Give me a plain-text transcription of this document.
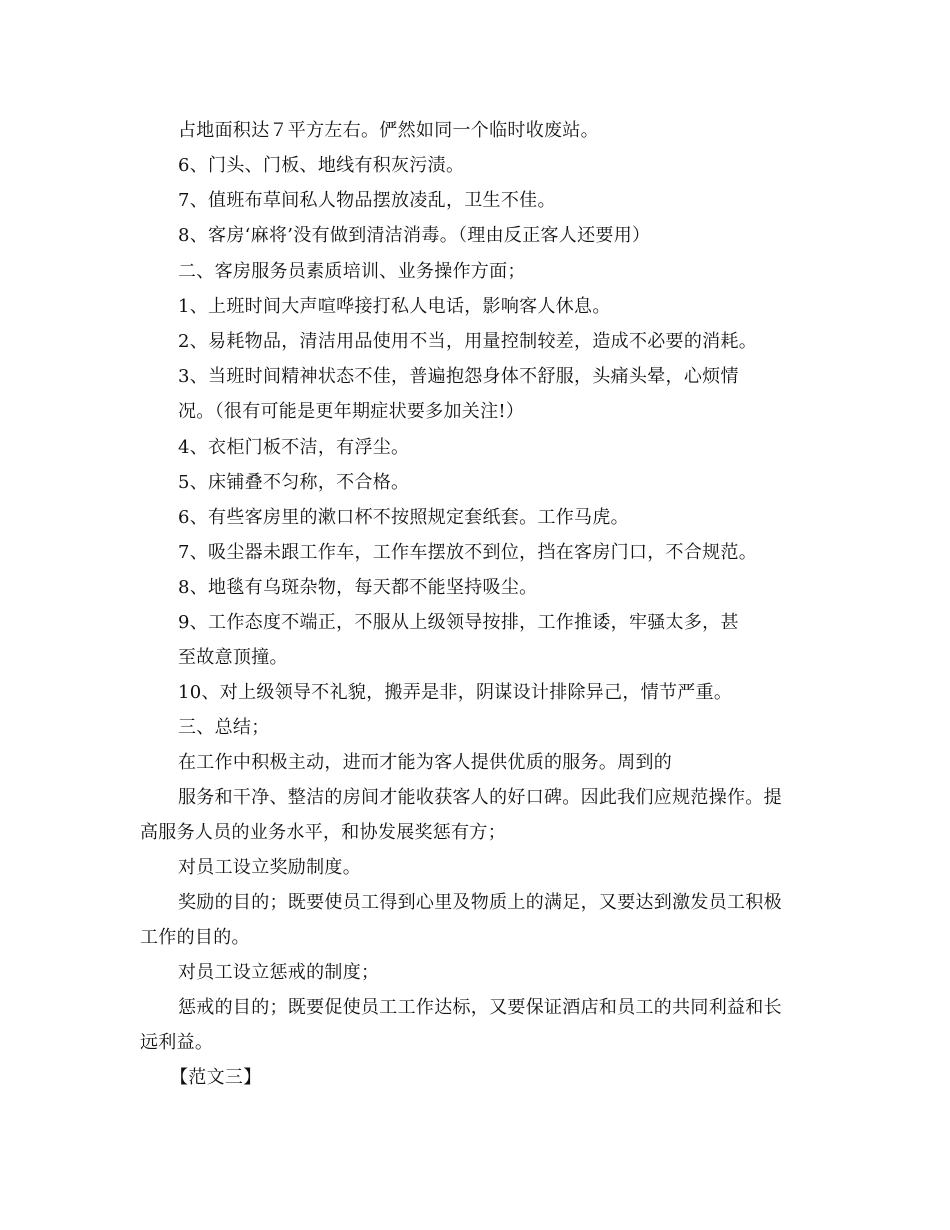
占地面积达７平方左右。俨然如同一个临时收废站。
6、门头、门板、地线有积灰污渍。
7、值班布草间私人物品摆放凌乱，卫生不佳。
8、客房‘麻将’没有做到清洁消毒。（理由反正客人还要用）
二、客房服务员素质培训、业务操作方面；
1、上班时间大声喧哗接打私人电话，影响客人休息。
2、易耗物品，清洁用品使用不当，用量控制较差，造成不必要的消耗。
3、当班时间精神状态不佳，普遍抱怨身体不舒服，头痛头晕，心烦情
况。（很有可能是更年期症状要多加关注!）
4、衣柜门板不洁，有浮尘。
5、床铺叠不匀称，不合格。
6、有些客房里的漱口杯不按照规定套纸套。工作马虎。
7、吸尘器未跟工作车，工作车摆放不到位，挡在客房门口，不合规范。
8、地毯有乌斑杂物，每天都不能坚持吸尘。
9、工作态度不端正，不服从上级领导按排，工作推诿，牢骚太多，甚
至故意顶撞。
10、对上级领导不礼貌，搬弄是非，阴谋设计排除异己，情节严重。
三、总结；
在工作中积极主动，进而才能为客人提供优质的服务。周到的
服务和干净、整洁的房间才能收获客人的好口碑。因此我们应规范操作。提
高服务人员的业务水平，和协发展奖惩有方；
对员工设立奖励制度。
奖励的目的；既要使员工得到心里及物质上的满足，又要达到激发员工积极
工作的目的。
对员工设立惩戒的制度；
惩戒的目的；既要促使员工工作达标，又要保证酒店和员工的共同利益和长
远利益。
【范文三】
